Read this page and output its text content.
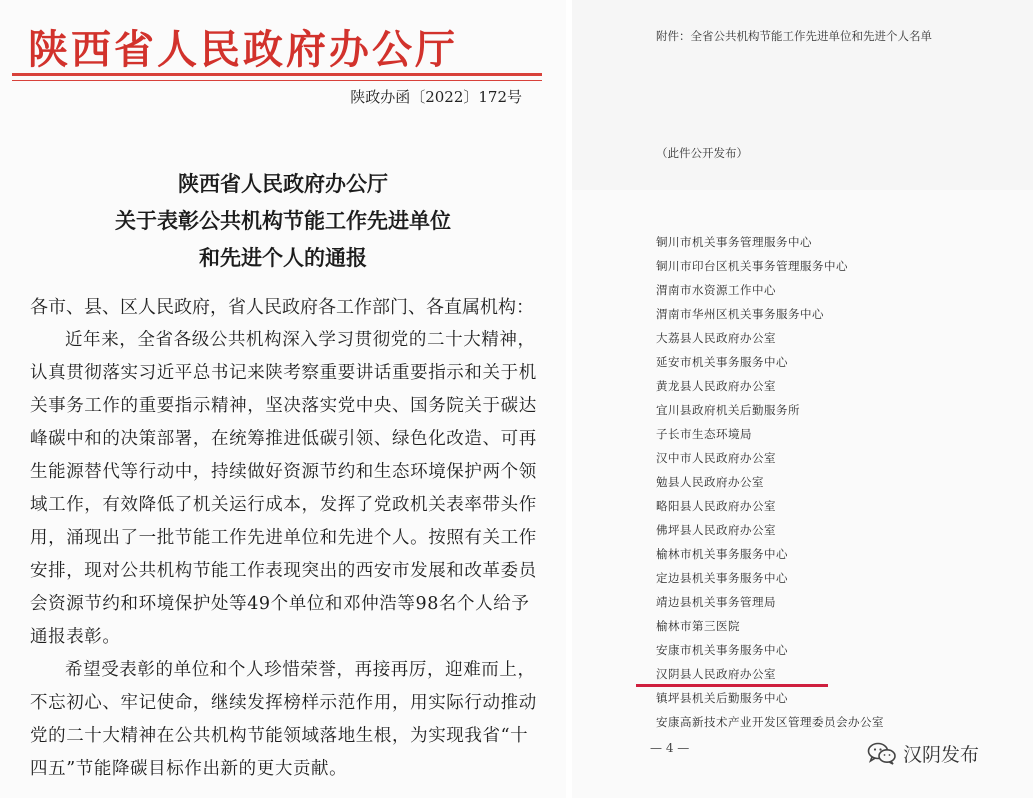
陕西省人民政府办公厅
陕政办函〔2022〕172号
陕西省人民政府办公厅
关于表彰公共机构节能工作先进单位
和先进个人的通报
各市、县、区人民政府，省人民政府各工作部门、各直属机构：
近年来，全省各级公共机构深入学习贯彻党的二十大精神，
认真贯彻落实习近平总书记来陕考察重要讲话重要指示和关于机
关事务工作的重要指示精神，坚决落实党中央、国务院关于碳达
峰碳中和的决策部署，在统筹推进低碳引领、绿色化改造、可再
生能源替代等行动中，持续做好资源节约和生态环境保护两个领
域工作，有效降低了机关运行成本，发挥了党政机关表率带头作
用，涌现出了一批节能工作先进单位和先进个人。按照有关工作
安排，现对公共机构节能工作表现突出的西安市发展和改革委员
会资源节约和环境保护处等49个单位和邓仲浩等98名个人给予
通报表彰。
希望受表彰的单位和个人珍惜荣誉，再接再厉，迎难而上，
不忘初心、牢记使命，继续发挥榜样示范作用，用实际行动推动
党的二十大精神在公共机构节能领域落地生根，为实现我省“十
四五”节能降碳目标作出新的更大贡献。
附件：全省公共机构节能工作先进单位和先进个人名单
（此件公开发布）
铜川市机关事务管理服务中心
铜川市印台区机关事务管理服务中心
渭南市水资源工作中心
渭南市华州区机关事务服务中心
大荔县人民政府办公室
延安市机关事务服务中心
黄龙县人民政府办公室
宜川县政府机关后勤服务所
子长市生态环境局
汉中市人民政府办公室
勉县人民政府办公室
略阳县人民政府办公室
佛坪县人民政府办公室
榆林市机关事务服务中心
定边县机关事务服务中心
靖边县机关事务管理局
榆林市第三医院
安康市机关事务服务中心
汉阴县人民政府办公室
镇坪县机关后勤服务中心
安康高新技术产业开发区管理委员会办公室
— 4 —	汉阴发布
